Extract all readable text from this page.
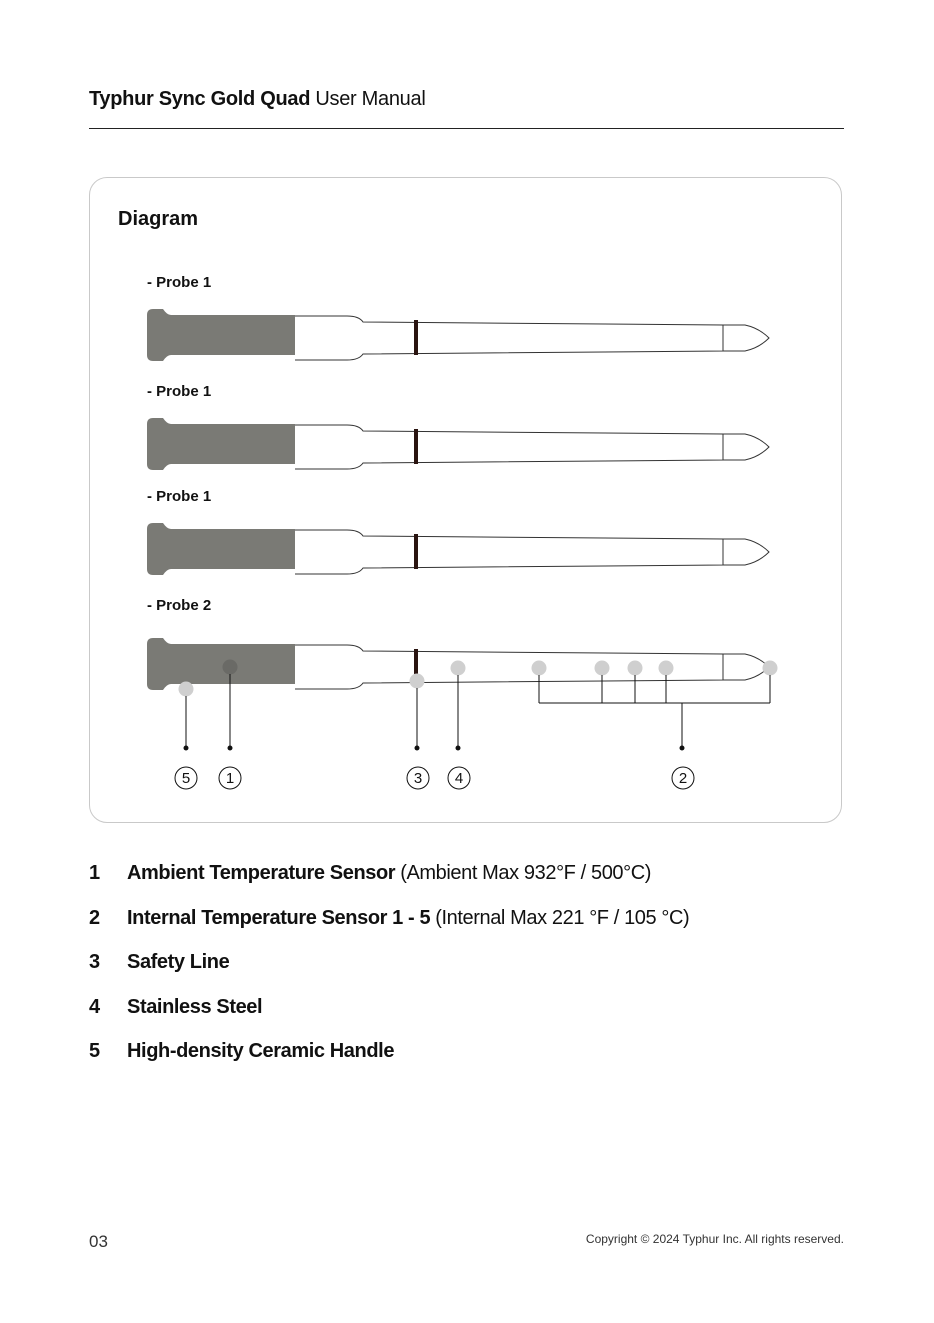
Typhur Sync Gold Quad User Manual
Diagram
- Probe 1
- Probe 1
- Probe 1
- Probe 2
5 1	3 4	2
1	Ambient Temperature Sensor (Ambient Max 932°F / 500°C)
2	Internal Temperature Sensor 1 - 5 (Internal Max 221 °F / 105 °C)
3	Safety Line
4	Stainless Steel
5	High-density Ceramic Handle
03	Copyright © 2024 Typhur Inc. All rights reserved.
